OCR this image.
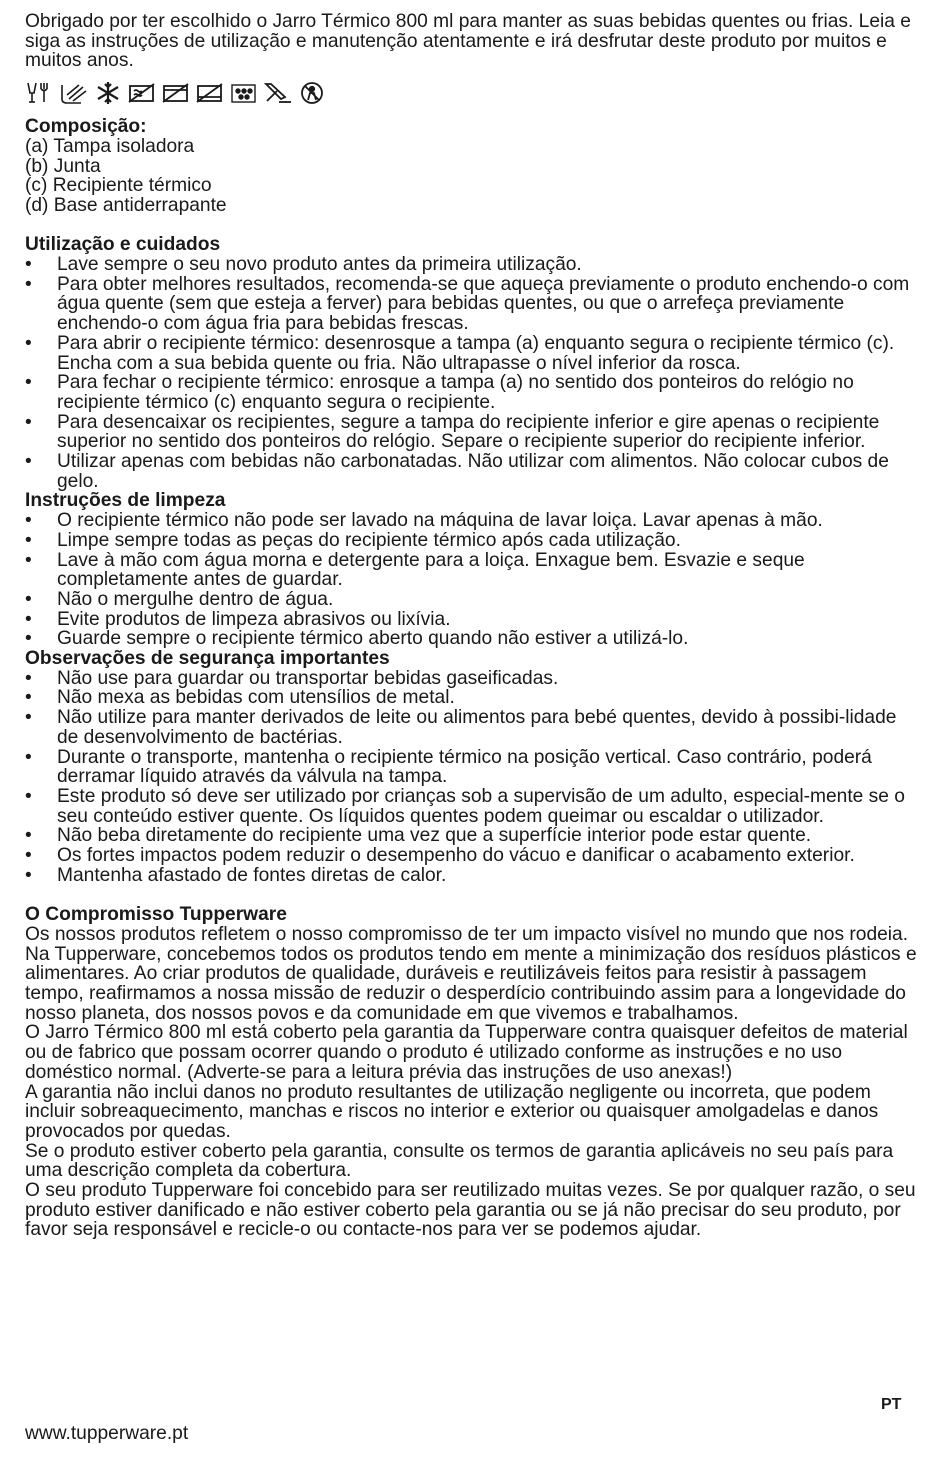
Obrigado por ter escolhido o Jarro Térmico 800 ml para manter as suas bebidas quentes ou frias. Leia e siga as instruções de utilização e manutenção atentamente e irá desfrutar deste produto por muitos e muitos anos.

Composição:

(a) Tampa isoladora

(b) Junta

(c) Recipiente térmico

(d) Base antiderrapante

Utilização e cuidados

• Lave sempre o seu novo produto antes da primeira utilização.
• Para obter melhores resultados, recomenda-se que aqueça previamente o produto enchendo-o com água quente (sem que esteja a ferver) para bebidas quentes, ou que o arrefeça previamente enchendo-o com água fria para bebidas frescas.
• Para abrir o recipiente térmico: desenrosque a tampa (a) enquanto segura o recipiente térmico (c). Encha com a sua bebida quente ou fria. Não ultrapasse o nível inferior da rosca.
• Para fechar o recipiente térmico: enrosque a tampa (a) no sentido dos ponteiros do relógio no recipiente térmico (c) enquanto segura o recipiente.
• Para desencaixar os recipientes, segure a tampa do recipiente inferior e gire apenas o recipiente superior no sentido dos ponteiros do relógio. Separe o recipiente superior do recipiente inferior.
• Utilizar apenas com bebidas não carbonatadas. Não utilizar com alimentos. Não colocar cubos de gelo.

Instruções de limpeza

• O recipiente térmico não pode ser lavado na máquina de lavar loiça. Lavar apenas à mão.
• Limpe sempre todas as peças do recipiente térmico após cada utilização.
• Lave à mão com água morna e detergente para a loiça. Enxague bem. Esvazie e seque completamente antes de guardar.
• Não o mergulhe dentro de água.
• Evite produtos de limpeza abrasivos ou lixívia.
• Guarde sempre o recipiente térmico aberto quando não estiver a utilizá-lo.

Observações de segurança importantes

• Não use para guardar ou transportar bebidas gaseificadas.
• Não mexa as bebidas com utensílios de metal.
• Não utilize para manter derivados de leite ou alimentos para bebé quentes, devido à possibi-lidade de desenvolvimento de bactérias.
• Durante o transporte, mantenha o recipiente térmico na posição vertical. Caso contrário, poderá derramar líquido através da válvula na tampa.
• Este produto só deve ser utilizado por crianças sob a supervisão de um adulto, especial-mente se o seu conteúdo estiver quente. Os líquidos quentes podem queimar ou escaldar o utilizador.
• Não beba diretamente do recipiente uma vez que a superfície interior pode estar quente.
• Os fortes impactos podem reduzir o desempenho do vácuo e danificar o acabamento exterior.
• Mantenha afastado de fontes diretas de calor.

O Compromisso Tupperware

Os nossos produtos refletem o nosso compromisso de ter um impacto visível no mundo que nos rodeia. Na Tupperware, concebemos todos os produtos tendo em mente a minimização dos resíduos plásticos e alimentares. Ao criar produtos de qualidade, duráveis e reutilizáveis feitos para resistir à passagem tempo, reafirmamos a nossa missão de reduzir o desperdício contribuindo assim para a longevidade do nosso planeta, dos nossos povos e da comunidade em que vivemos e trabalhamos.

O Jarro Térmico 800 ml está coberto pela garantia da Tupperware contra quaisquer defeitos de material ou de fabrico que possam ocorrer quando o produto é utilizado conforme as instruções e no uso doméstico normal. (Adverte-se para a leitura prévia das instruções de uso anexas!)

A garantia não inclui danos no produto resultantes de utilização negligente ou incorreta, que podem incluir sobreaquecimento, manchas e riscos no interior e exterior ou quaisquer amolgadelas e danos provocados por quedas.

Se o produto estiver coberto pela garantia, consulte os termos de garantia aplicáveis no seu país para uma descrição completa da cobertura.

O seu produto Tupperware foi concebido para ser reutilizado muitas vezes. Se por qualquer razão, o seu produto estiver danificado e não estiver coberto pela garantia ou se já não precisar do seu produto, por favor seja responsável e recicle-o ou contacte-nos para ver se podemos ajudar.

PT
www.tupperware.pt
